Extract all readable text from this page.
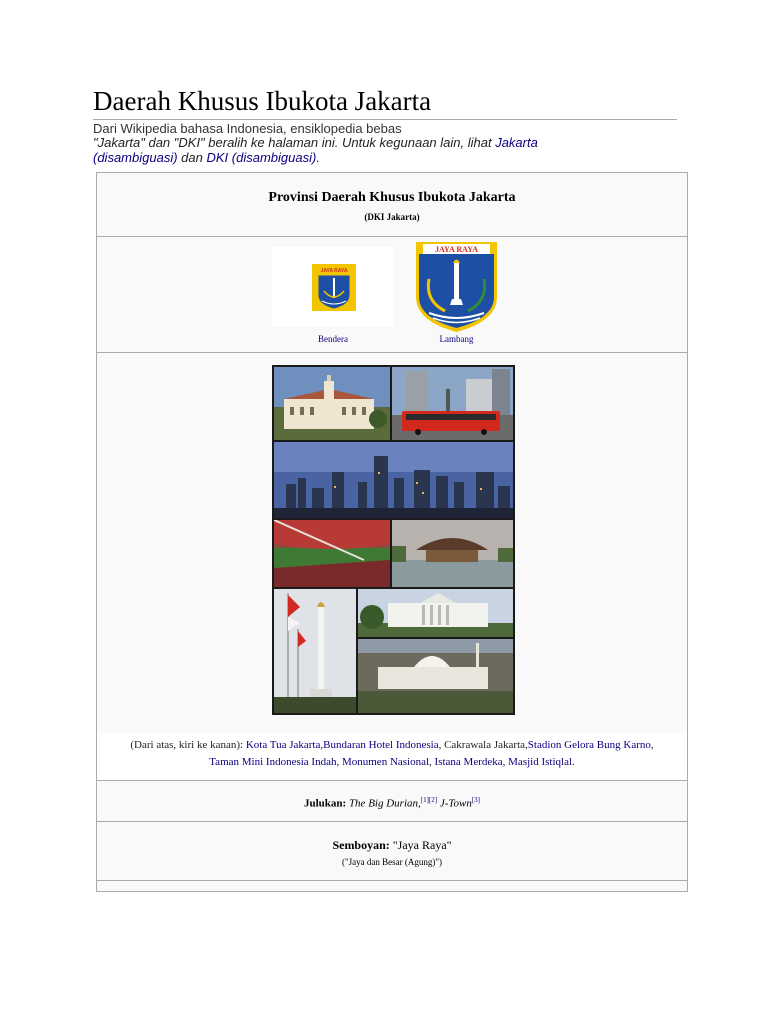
Daerah Khusus Ibukota Jakarta
Dari Wikipedia bahasa Indonesia, ensiklopedia bebas
"Jakarta" dan "DKI" beralih ke halaman ini. Untuk kegunaan lain, lihat Jakarta (disambiguasi) dan DKI (disambiguasi).
Provinsi Daerah Khusus Ibukota Jakarta
(DKI Jakarta)
JAYA RAYA
JAYA RAYA
Bendera	Lambang
(Dari atas, kiri ke kanan): Kota Tua Jakarta,Bundaran Hotel Indonesia, Cakrawala Jakarta,Stadion Gelora Bung Karno, Taman Mini Indonesia Indah, Monumen Nasional, Istana Merdeka, Masjid Istiqlal.
Julukan: The Big Durian,[1][2] J-Town[3]
Semboyan: "Jaya Raya"
("Jaya dan Besar (Agung)")
